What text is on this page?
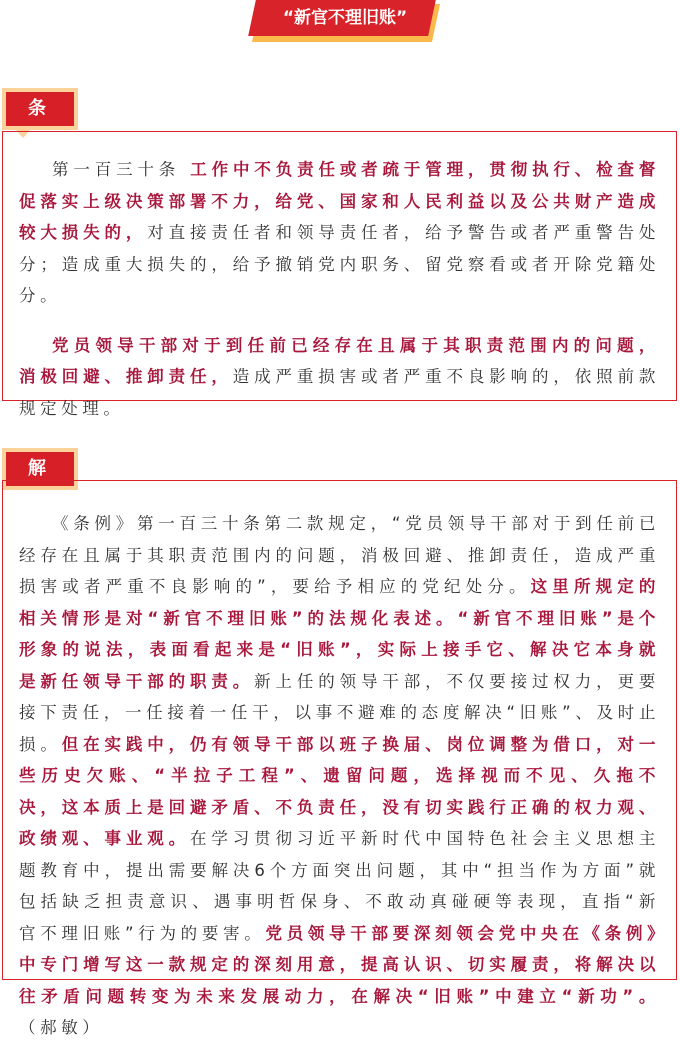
“新官不理旧账”
条 文

第一百三十条 工作中不负责任或者疏于管理，贯彻执行、检查督促落实上级决策部署不力，给党、国家和人民利益以及公共财产造成较大损失的，对直接责任者和领导责任者，给予警告或者严重警告处分；造成重大损失的，给予撤销党内职务、留党察看或者开除党籍处分。

党员领导干部对于到任前已经存在且属于其职责范围内的问题，消极回避、推卸责任，造成严重损害或者严重不良影响的，依照前款规定处理。

解 读

《条例》第一百三十条第二款规定，“党员领导干部对于到任前已经存在且属于其职责范围内的问题，消极回避、推卸责任，造成严重损害或者严重不良影响的”，要给予相应的党纪处分。这里所规定的相关情形是对“新官不理旧账”的法规化表述。“新官不理旧账”是个形象的说法，表面看起来是“旧账”，实际上接手它、解决它本身就是新任领导干部的职责。新上任的领导干部，不仅要接过权力，更要接下责任，一任接着一任干，以事不避难的态度解决“旧账”、及时止损。但在实践中，仍有领导干部以班子换届、岗位调整为借口，对一些历史欠账、“半拉子工程”、遗留问题，选择视而不见、久拖不决，这本质上是回避矛盾、不负责任，没有切实践行正确的权力观、政绩观、事业观。在学习贯彻习近平新时代中国特色社会主义思想主题教育中，提出需要解决6个方面突出问题，其中“担当作为方面”就包括缺乏担责意识、遇事明哲保身、不敢动真碰硬等表现，直指“新官不理旧账”行为的要害。党员领导干部要深刻领会党中央在《条例》中专门增写这一款规定的深刻用意，提高认识、切实履责，将解决以往矛盾问题转变为未来发展动力，在解决“旧账”中建立“新功”。（郝敏）
